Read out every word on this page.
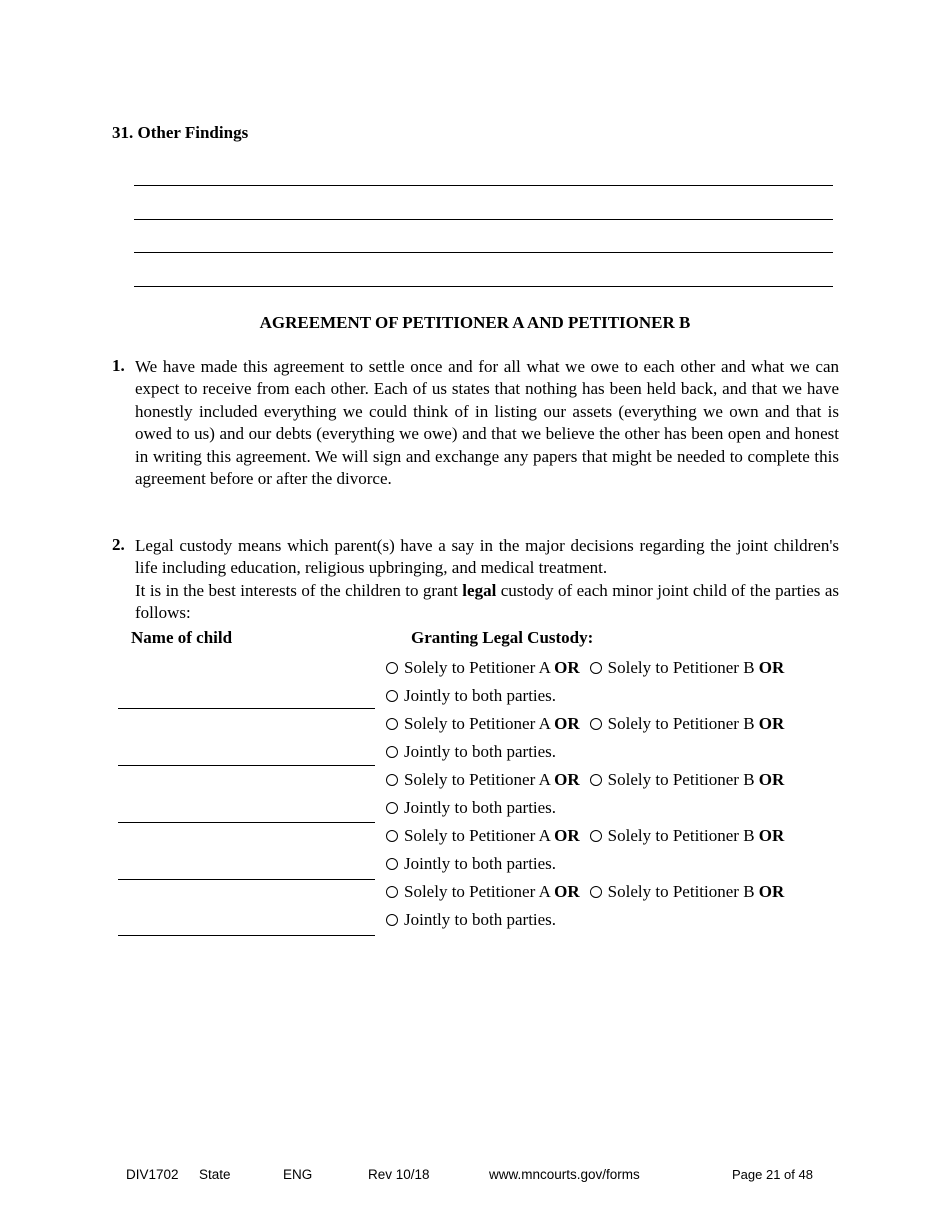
31. Other Findings
AGREEMENT OF PETITIONER A AND PETITIONER B
1. We have made this agreement to settle once and for all what we owe to each other and what we can expect to receive from each other. Each of us states that nothing has been held back, and that we have honestly included everything we could think of in listing our assets (everything we own and that is owed to us) and our debts (everything we owe) and that we believe the other has been open and honest in writing this agreement. We will sign and exchange any papers that might be needed to complete this agreement before or after the divorce.

2. Legal custody means which parent(s) have a say in the major decisions regarding the joint children's life including education, religious upbringing, and medical treatment.

It is in the best interests of the children to grant legal custody of each minor joint child of the parties as follows:

Name of child	Granting Legal Custody:
Solely to Petitioner A OR Solely to Petitioner B OR
Jointly to both parties.
Solely to Petitioner A OR Solely to Petitioner B OR
Jointly to both parties.
Solely to Petitioner A OR Solely to Petitioner B OR
Jointly to both parties.
Solely to Petitioner A OR Solely to Petitioner B OR
Jointly to both parties.
Solely to Petitioner A OR Solely to Petitioner B OR
Jointly to both parties.
DIV1702 State	ENG	Rev 10/18	www.mncourts.gov/forms	Page 21 of 48
